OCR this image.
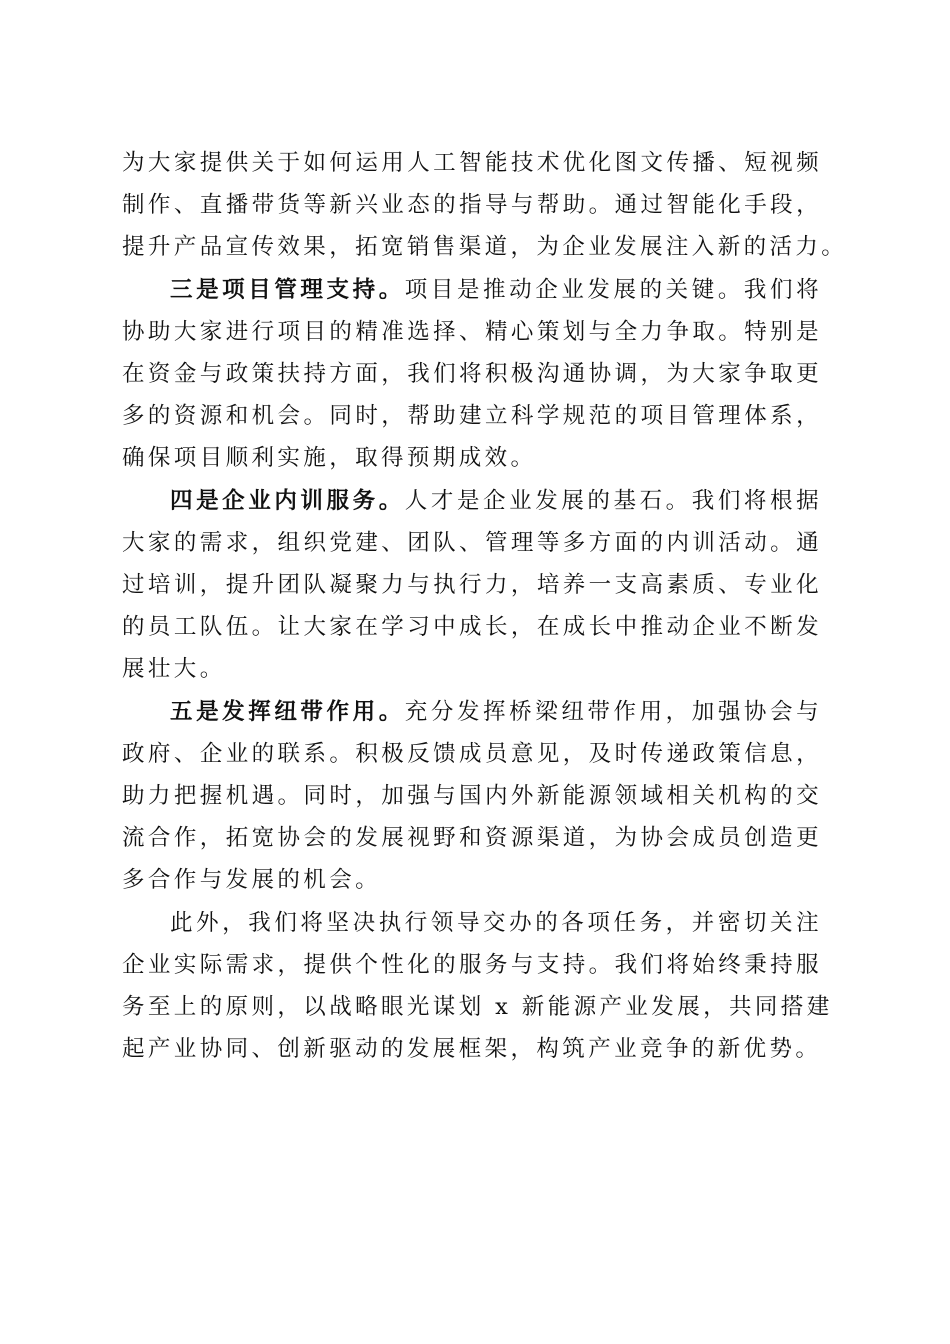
为大家提供关于如何运用人工智能技术优化图文传播、短视频
制作、直播带货等新兴业态的指导与帮助。通过智能化手段，
提升产品宣传效果，拓宽销售渠道，为企业发展注入新的活力。
三是项目管理支持。项目是推动企业发展的关键。我们将
协助大家进行项目的精准选择、精心策划与全力争取。特别是
在资金与政策扶持方面，我们将积极沟通协调，为大家争取更
多的资源和机会。同时，帮助建立科学规范的项目管理体系，
确保项目顺利实施，取得预期成效。
四是企业内训服务。人才是企业发展的基石。我们将根据
大家的需求，组织党建、团队、管理等多方面的内训活动。通
过培训，提升团队凝聚力与执行力，培养一支高素质、专业化
的员工队伍。让大家在学习中成长，在成长中推动企业不断发
展壮大。
五是发挥纽带作用。充分发挥桥梁纽带作用，加强协会与
政府、企业的联系。积极反馈成员意见，及时传递政策信息，
助力把握机遇。同时，加强与国内外新能源领域相关机构的交
流合作，拓宽协会的发展视野和资源渠道，为协会成员创造更
多合作与发展的机会。
此外，我们将坚决执行领导交办的各项任务，并密切关注
企业实际需求，提供个性化的服务与支持。我们将始终秉持服
务至上的原则，以战略眼光谋划 x 新能源产业发展，共同搭建
起产业协同、创新驱动的发展框架，构筑产业竞争的新优势。
